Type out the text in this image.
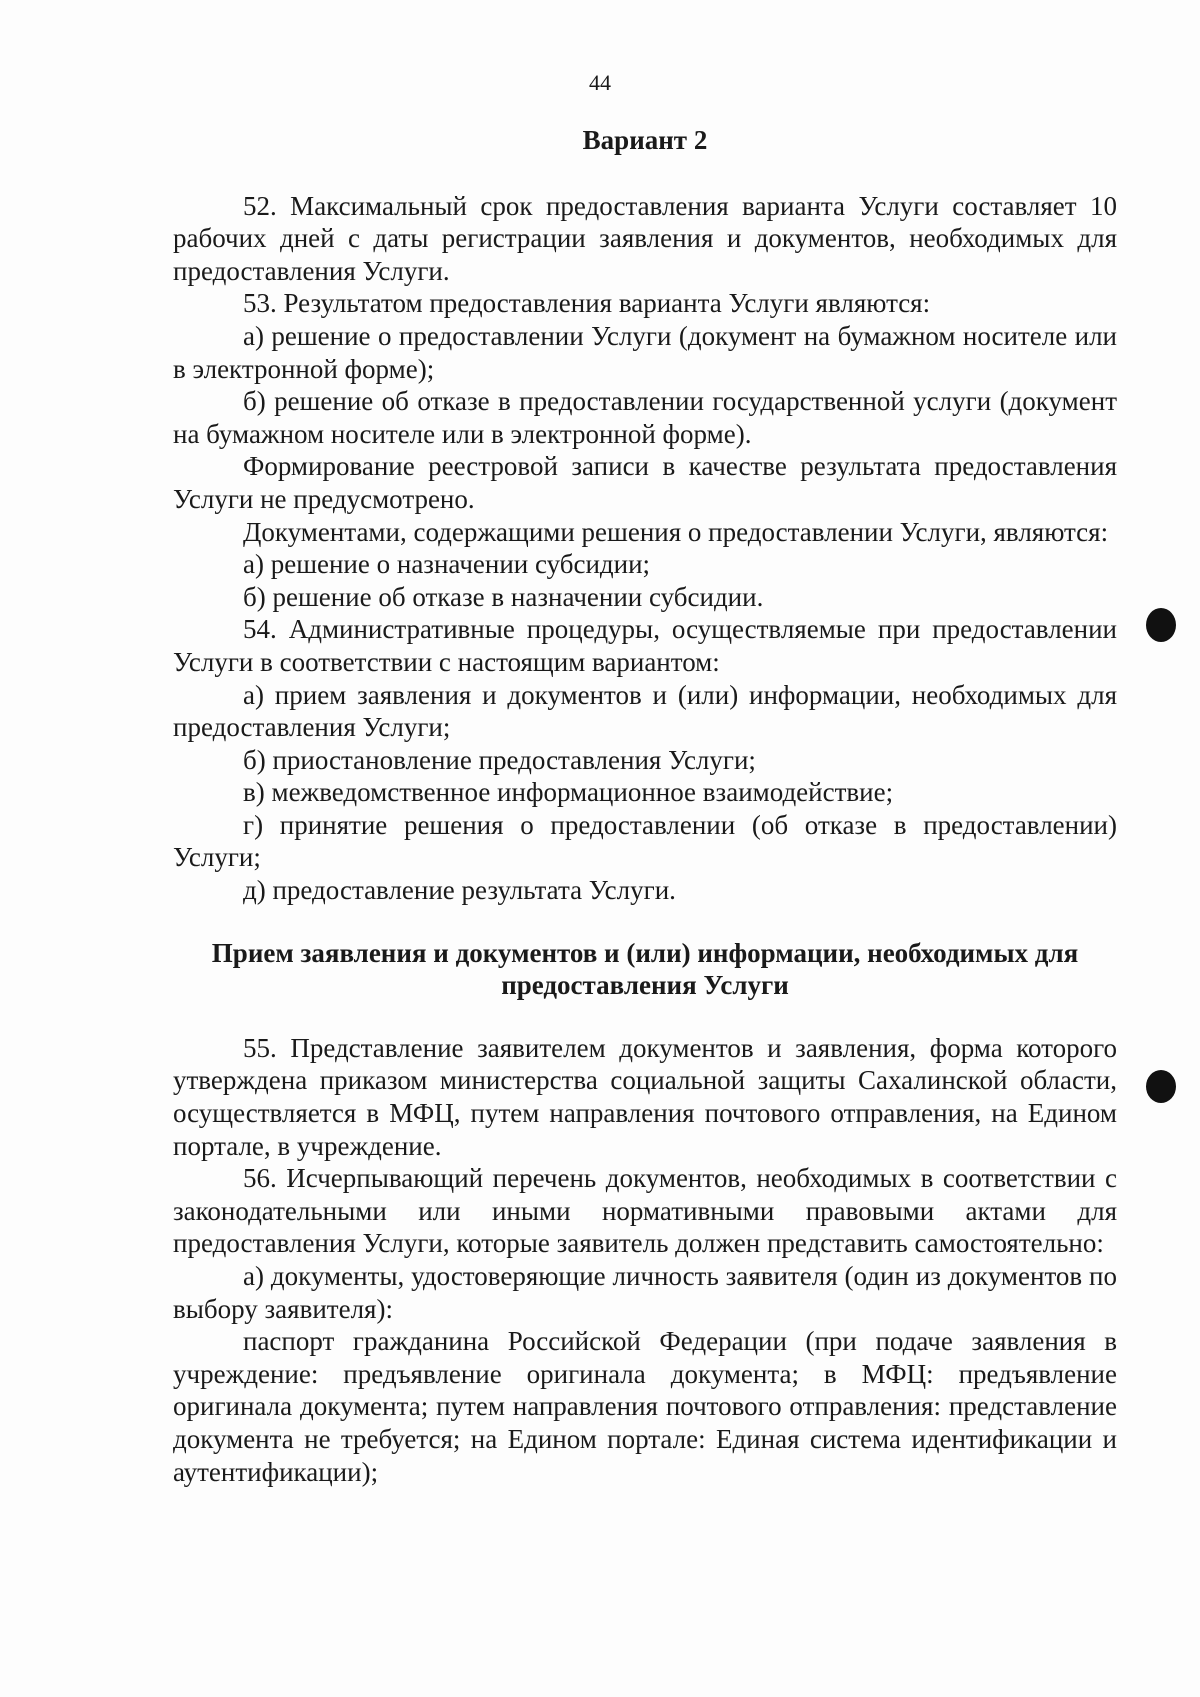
44

Вариант 2

52. Максимальный срок предоставления варианта Услуги составляет 10 рабочих дней с даты регистрации заявления и документов, необходимых для предоставления Услуги.

53. Результатом предоставления варианта Услуги являются:

а) решение о предоставлении Услуги (документ на бумажном носителе или в электронной форме);

б) решение об отказе в предоставлении государственной услуги (документ на бумажном носителе или в электронной форме).

Формирование реестровой записи в качестве результата предоставления Услуги не предусмотрено.

Документами, содержащими решения о предоставлении Услуги, являются:

а) решение о назначении субсидии;

б) решение об отказе в назначении субсидии.

54. Административные процедуры, осуществляемые при предоставлении Услуги в соответствии с настоящим вариантом:

а) прием заявления и документов и (или) информации, необходимых для предоставления Услуги;

б) приостановление предоставления Услуги;

в) межведомственное информационное взаимодействие;

г) принятие решения о предоставлении (об отказе в предоставлении) Услуги;

д) предоставление результата Услуги.

Прием заявления и документов и (или) информации, необходимых для предоставления Услуги

55. Представление заявителем документов и заявления, форма которого утверждена приказом министерства социальной защиты Сахалинской области, осуществляется в МФЦ, путем направления почтового отправления, на Едином портале, в учреждение.

56. Исчерпывающий перечень документов, необходимых в соответствии с законодательными или иными нормативными правовыми актами для предоставления Услуги, которые заявитель должен представить самостоятельно:

а) документы, удостоверяющие личность заявителя (один из документов по выбору заявителя):

паспорт гражданина Российской Федерации (при подаче заявления в учреждение: предъявление оригинала документа; в МФЦ: предъявление оригинала документа; путем направления почтового отправления: представление документа не требуется; на Едином портале: Единая система идентификации и аутентификации);
